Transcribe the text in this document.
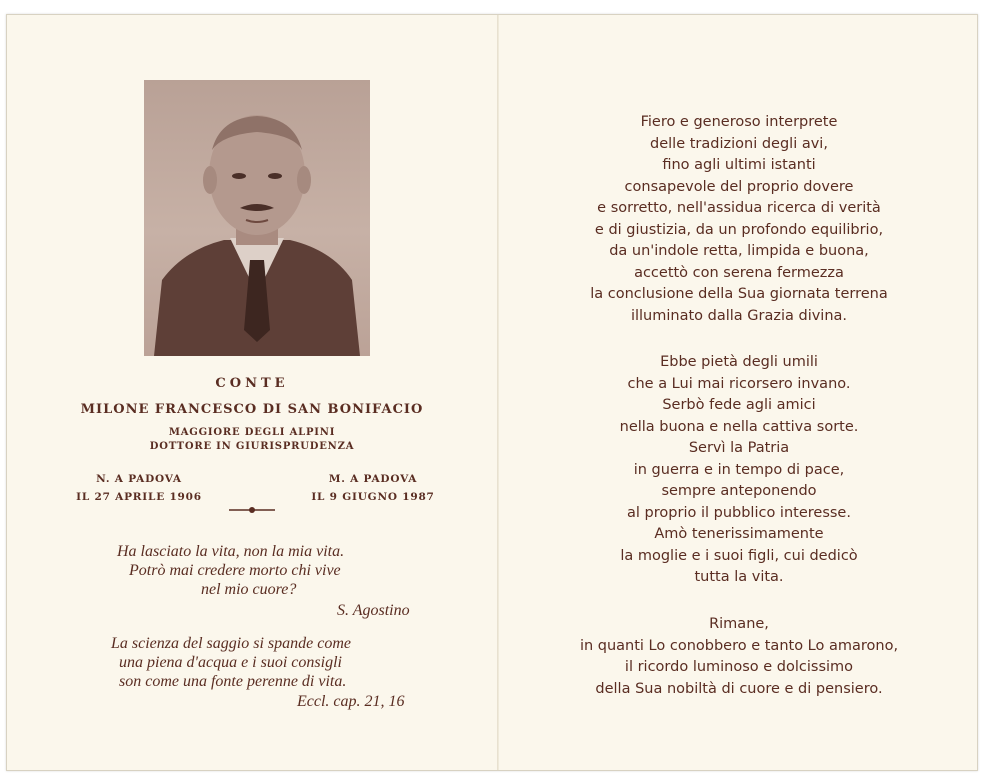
CONTE
MILONE FRANCESCO DI SAN BONIFACIO
MAGGIORE DEGLI ALPINI
DOTTORE IN GIURISPRUDENZA
N. A PADOVA
IL 27 APRILE 1906
M. A PADOVA
IL 9 GIUGNO 1987
Ha lasciato la vita, non la mia vita.
Potrò mai credere morto chi vive
nel mio cuore?
S. Agostino
La scienza del saggio si spande come
una piena d'acqua e i suoi consigli
son come una fonte perenne di vita.
Eccl. cap. 21, 16
Fiero e generoso interprete
delle tradizioni degli avi,
fino agli ultimi istanti
consapevole del proprio dovere
e sorretto, nell'assidua ricerca di verità
e di giustizia, da un profondo equilibrio,
da un'indole retta, limpida e buona,
accettò con serena fermezza
la conclusione della Sua giornata terrena
illuminato dalla Grazia divina.
Ebbe pietà degli umili
che a Lui mai ricorsero invano.
Serbò fede agli amici
nella buona e nella cattiva sorte.
Servì la Patria
in guerra e in tempo di pace,
sempre anteponendo
al proprio il pubblico interesse.
Amò tenerissimamente
la moglie e i suoi figli, cui dedicò
tutta la vita.
Rimane,
in quanti Lo conobbero e tanto Lo amarono,
il ricordo luminoso e dolcissimo
della Sua nobiltà di cuore e di pensiero.
